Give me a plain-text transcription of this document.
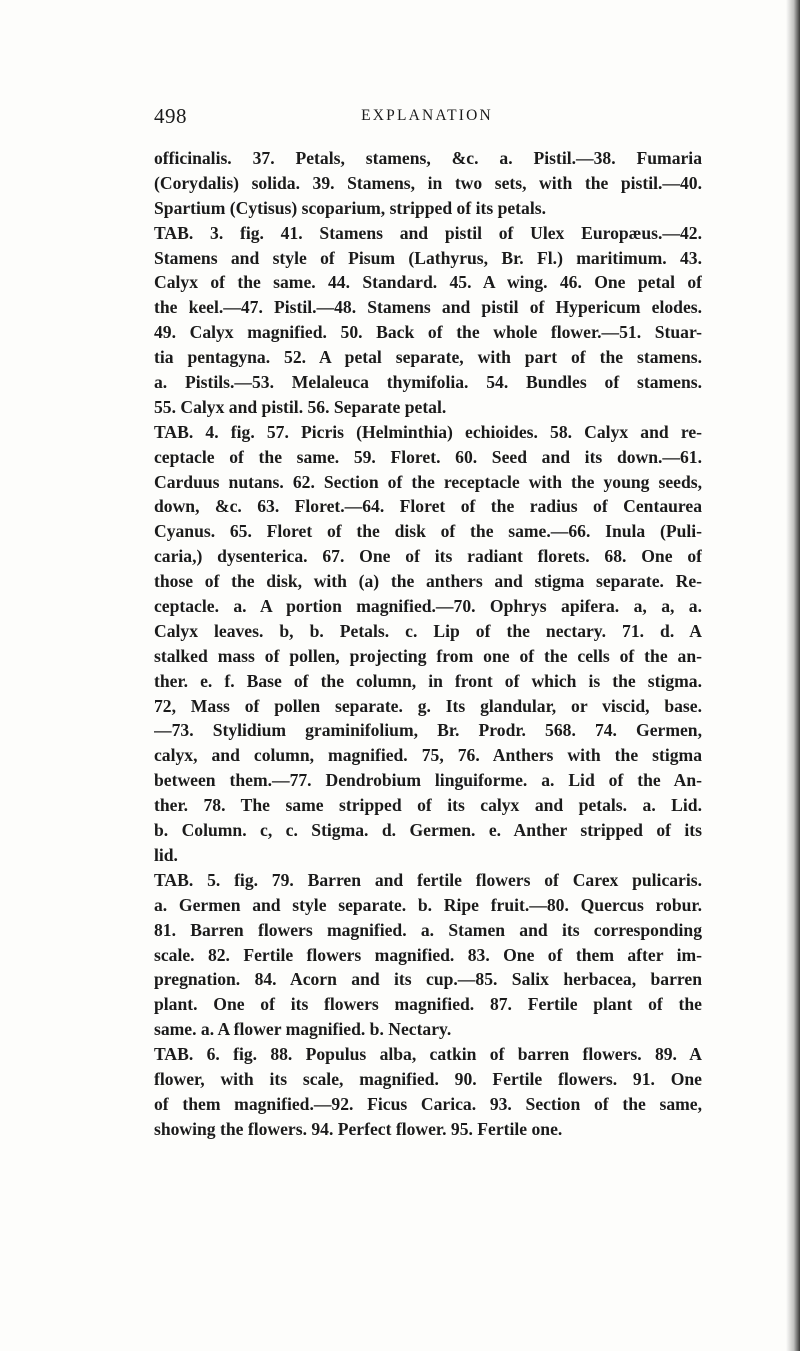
498	EXPLANATION
officinalis. 37. Petals, stamens, &c. a. Pistil.—38. Fumaria
(Corydalis) solida. 39. Stamens, in two sets, with the pistil.—40.
Spartium (Cytisus) scoparium, stripped of its petals.
TAB. 3. fig. 41. Stamens and pistil of Ulex Europæus.—42.
Stamens and style of Pisum (Lathyrus, Br. Fl.) maritimum. 43.
Calyx of the same. 44. Standard. 45. A wing. 46. One petal of
the keel.—47. Pistil.—48. Stamens and pistil of Hypericum elodes.
49. Calyx magnified. 50. Back of the whole flower.—51. Stuar-
tia pentagyna. 52. A petal separate, with part of the stamens.
a. Pistils.—53. Melaleuca thymifolia. 54. Bundles of stamens.
55. Calyx and pistil. 56. Separate petal.
TAB. 4. fig. 57. Picris (Helminthia) echioides. 58. Calyx and re-
ceptacle of the same. 59. Floret. 60. Seed and its down.—61.
Carduus nutans. 62. Section of the receptacle with the young seeds,
down, &c. 63. Floret.—64. Floret of the radius of Centaurea
Cyanus. 65. Floret of the disk of the same.—66. Inula (Puli-
caria,) dysenterica. 67. One of its radiant florets. 68. One of
those of the disk, with (a) the anthers and stigma separate. Re-
ceptacle. a. A portion magnified.—70. Ophrys apifera. a, a, a.
Calyx leaves. b, b. Petals. c. Lip of the nectary. 71. d. A
stalked mass of pollen, projecting from one of the cells of the an-
ther. e. f. Base of the column, in front of which is the stigma.
72, Mass of pollen separate. g. Its glandular, or viscid, base.
—73. Stylidium graminifolium, Br. Prodr. 568. 74. Germen,
calyx, and column, magnified. 75, 76. Anthers with the stigma
between them.—77. Dendrobium linguiforme. a. Lid of the An-
ther. 78. The same stripped of its calyx and petals. a. Lid.
b. Column. c, c. Stigma. d. Germen. e. Anther stripped of its
lid.
TAB. 5. fig. 79. Barren and fertile flowers of Carex pulicaris.
a. Germen and style separate. b. Ripe fruit.—80. Quercus robur.
81. Barren flowers magnified. a. Stamen and its corresponding
scale. 82. Fertile flowers magnified. 83. One of them after im-
pregnation. 84. Acorn and its cup.—85. Salix herbacea, barren
plant. One of its flowers magnified. 87. Fertile plant of the
same. a. A flower magnified. b. Nectary.
TAB. 6. fig. 88. Populus alba, catkin of barren flowers. 89. A
flower, with its scale, magnified. 90. Fertile flowers. 91. One
of them magnified.—92. Ficus Carica. 93. Section of the same,
showing the flowers. 94. Perfect flower. 95. Fertile one.
